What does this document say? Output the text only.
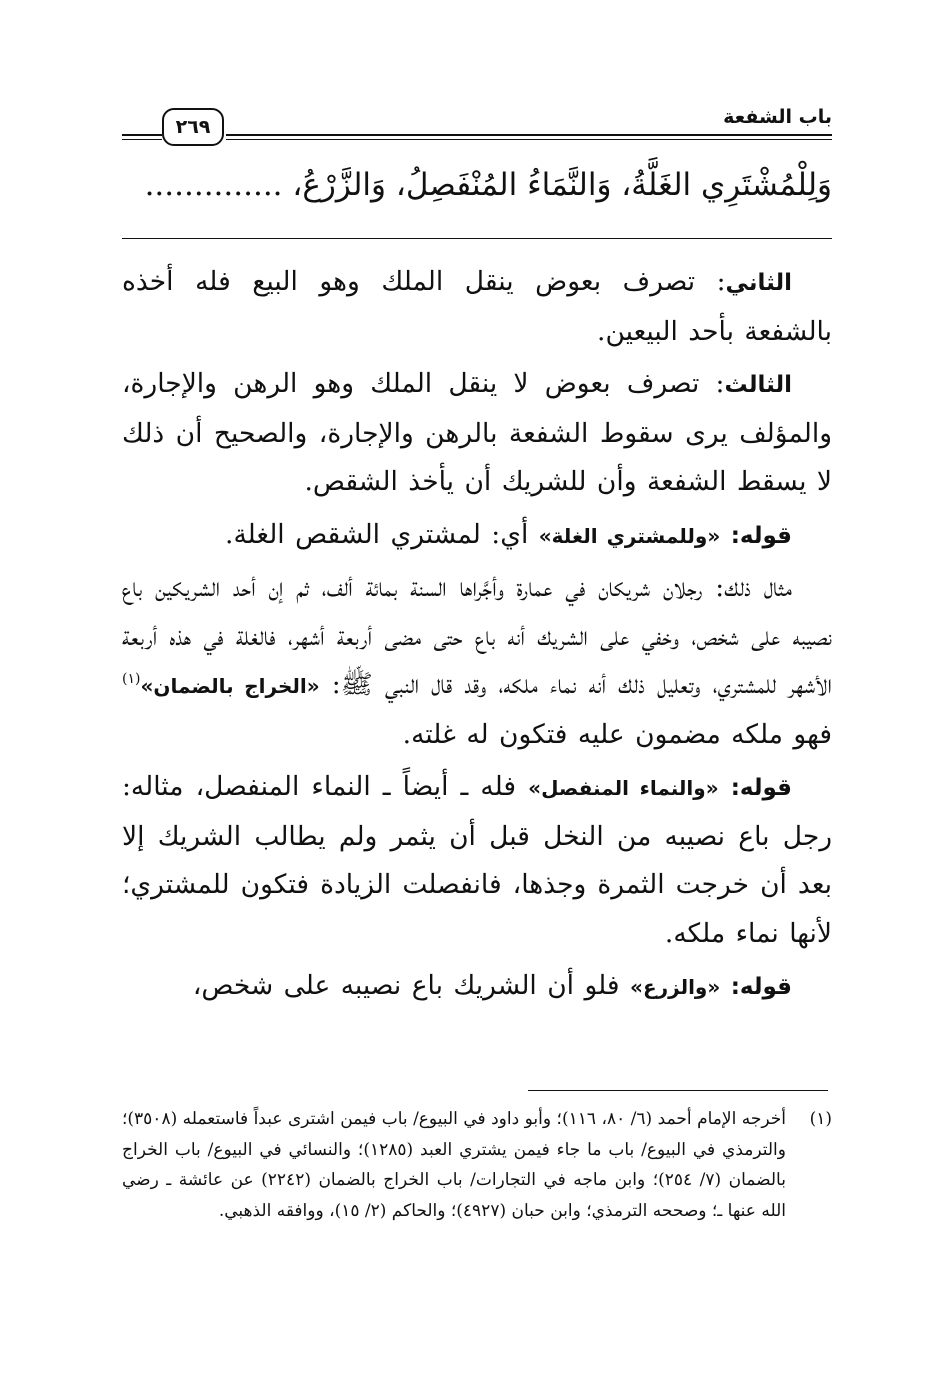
باب الشفعة
٢٦٩
وَلِلْمُشْتَرِي الغَلَّةُ، وَالنَّمَاءُ المُنْفَصِلُ، وَالزَّرْعُ، ..............

الثاني: تصرف بعوض ينقل الملك وهو البيع فله أخذه بالشفعة بأحد البيعين.

الثالث: تصرف بعوض لا ينقل الملك وهو الرهن والإجارة، والمؤلف يرى سقوط الشفعة بالرهن والإجارة، والصحيح أن ذلك لا يسقط الشفعة وأن للشريك أن يأخذ الشقص.

قوله: «وللمشتري الغلة» أي: لمشتري الشقص الغلة.

مثال ذلك: رجلان شريكان في عمارة وأجَّراها السنة بمائة ألف، ثم إن أحد الشريكين باع نصيبه على شخص، وخفي على الشريك أنه باع حتى مضى أربعة أشهر، فالغلة في هذه أربعة الأشهر للمشتري، وتعليل ذلك أنه نماء ملكه، وقد قال النبي ﷺ: «الخراج بالضمان»$^{(١)}$ فهو ملكه مضمون عليه فتكون له غلته.

قوله: «والنماء المنفصل» فله ـ أيضاً ـ النماء المنفصل، مثاله: رجل باع نصيبه من النخل قبل أن يثمر ولم يطالب الشريك إلا بعد أن خرجت الثمرة وجذها، فانفصلت الزيادة فتكون للمشتري؛ لأنها نماء ملكه.

قوله: «والزرع» فلو أن الشريك باع نصيبه على شخص،

(١)
أخرجه الإمام أحمد (٦/ ٨٠، ١١٦)؛ وأبو داود في البيوع/ باب فيمن اشترى عبداً فاستعمله (٣٥٠٨)؛ والترمذي في البيوع/ باب ما جاء فيمن يشتري العبد (١٢٨٥)؛ والنسائي في البيوع/ باب الخراج بالضمان (٧/ ٢٥٤)؛ وابن ماجه في التجارات/ باب الخراج بالضمان (٢٢٤٢) عن عائشة ـ رضي الله عنها ـ؛ وصححه الترمذي؛ وابن حبان (٤٩٢٧)؛ والحاكم (٢/ ١٥)، ووافقه الذهبي.
